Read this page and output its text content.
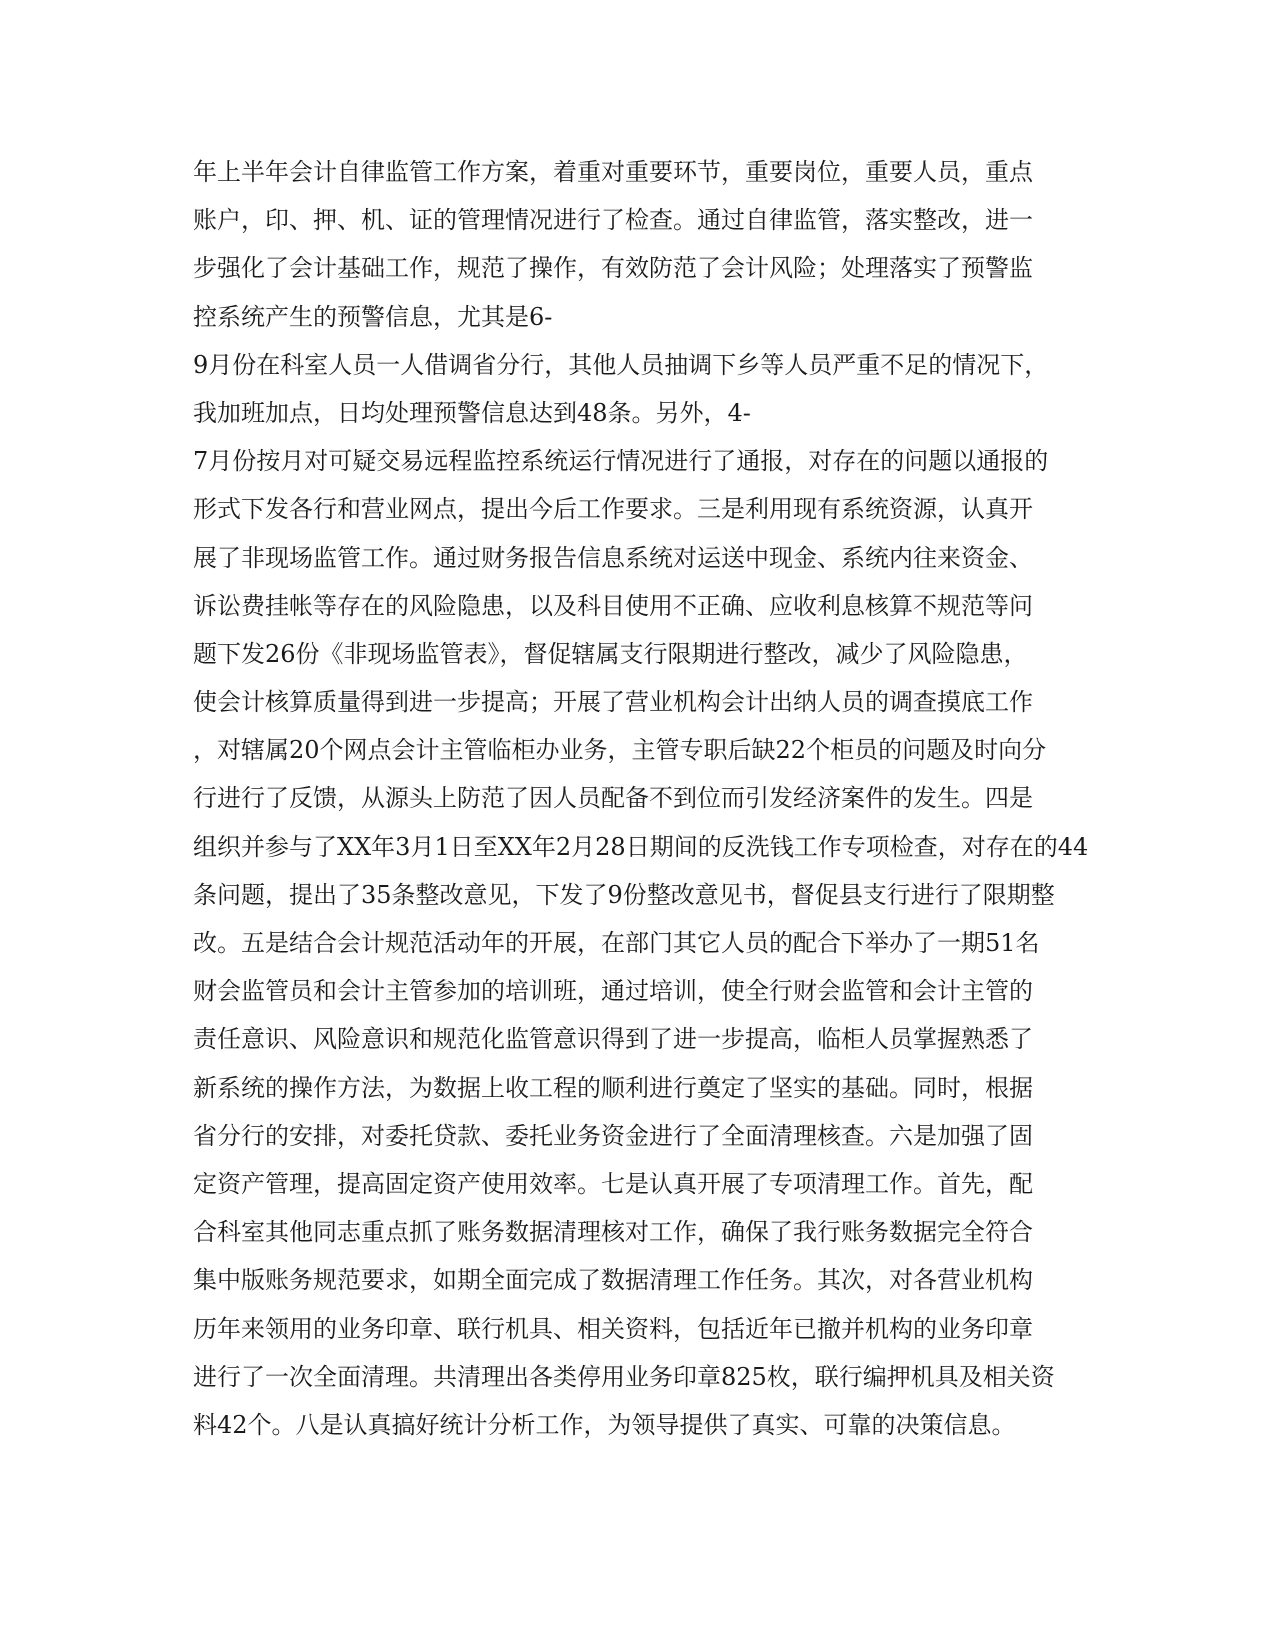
年上半年会计自律监管工作方案，着重对重要环节，重要岗位，重要人员，重点
账户，印、押、机、证的管理情况进行了检查。通过自律监管，落实整改，进一
步强化了会计基础工作，规范了操作，有效防范了会计风险；处理落实了预警监
控系统产生的预警信息，尤其是6-
9月份在科室人员一人借调省分行，其他人员抽调下乡等人员严重不足的情况下，
我加班加点，日均处理预警信息达到48条。另外，4-
7月份按月对可疑交易远程监控系统运行情况进行了通报，对存在的问题以通报的
形式下发各行和营业网点，提出今后工作要求。三是利用现有系统资源，认真开
展了非现场监管工作。通过财务报告信息系统对运送中现金、系统内往来资金、
诉讼费挂帐等存在的风险隐患，以及科目使用不正确、应收利息核算不规范等问
题下发26份《非现场监管表》，督促辖属支行限期进行整改，减少了风险隐患，
使会计核算质量得到进一步提高；开展了营业机构会计出纳人员的调查摸底工作
，对辖属20个网点会计主管临柜办业务，主管专职后缺22个柜员的问题及时向分
行进行了反馈，从源头上防范了因人员配备不到位而引发经济案件的发生。四是
组织并参与了XX年3月1日至XX年2月28日期间的反洗钱工作专项检查，对存在的44
条问题，提出了35条整改意见，下发了9份整改意见书，督促县支行进行了限期整
改。五是结合会计规范活动年的开展，在部门其它人员的配合下举办了一期51名
财会监管员和会计主管参加的培训班，通过培训，使全行财会监管和会计主管的
责任意识、风险意识和规范化监管意识得到了进一步提高，临柜人员掌握熟悉了
新系统的操作方法，为数据上收工程的顺利进行奠定了坚实的基础。同时，根据
省分行的安排，对委托贷款、委托业务资金进行了全面清理核查。六是加强了固
定资产管理，提高固定资产使用效率。七是认真开展了专项清理工作。首先，配
合科室其他同志重点抓了账务数据清理核对工作，确保了我行账务数据完全符合
集中版账务规范要求，如期全面完成了数据清理工作任务。其次，对各营业机构
历年来领用的业务印章、联行机具、相关资料，包括近年已撤并机构的业务印章
进行了一次全面清理。共清理出各类停用业务印章825枚，联行编押机具及相关资
料42个。八是认真搞好统计分析工作，为领导提供了真实、可靠的决策信息。
